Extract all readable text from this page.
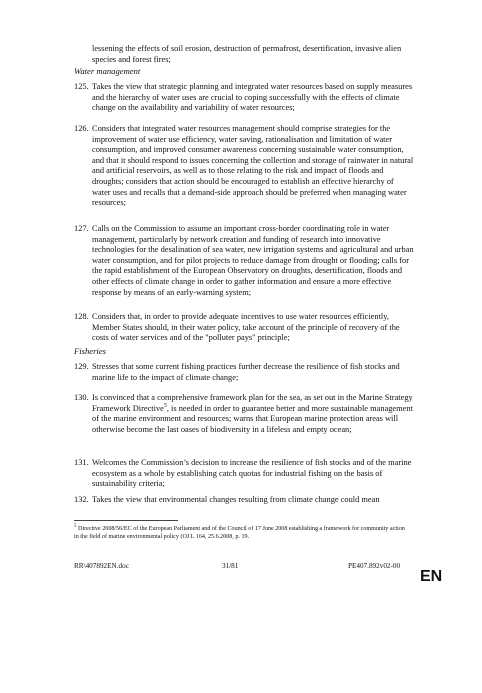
lessening the effects of soil erosion, destruction of permafrost, desertification, invasive alien species and forest fires;
Water management
125. Takes the view that strategic planning and integrated water resources based on supply measures and the hierarchy of water uses are crucial to coping successfully with the effects of climate change on the availability and variability of water resources;
126. Considers that integrated water resources management should comprise strategies for the improvement of water use efficiency, water saving, rationalisation and limitation of water consumption, and improved consumer awareness concerning sustainable water consumption, and that it should respond to issues concerning the collection and storage of rainwater in natural and artificial reservoirs, as well as to those relating to the risk and impact of floods and droughts; considers that action should be encouraged to establish an effective hierarchy of water uses and recalls that a demand-side approach should be preferred when managing water resources;
127. Calls on the Commission to assume an important cross-border coordinating role in water management, particularly by network creation and funding of research into innovative technologies for the desalination of sea water, new irrigation systems and agricultural and urban water consumption, and for pilot projects to reduce damage from drought or flooding; calls for the rapid establishment of the European Observatory on droughts, desertification, floods and other effects of climate change in order to gather information and ensure a more effective response by means of an early-warning system;
128. Considers that, in order to provide adequate incentives to use water resources efficiently, Member States should, in their water policy, take account of the principle of recovery of the costs of water services and of the "polluter pays" principle;
Fisheries
129. Stresses that some current fishing practices further decrease the resilience of fish stocks and marine life to the impact of climate change;
130. Is convinced that a comprehensive framework plan for the sea, as set out in the Marine Strategy Framework Directive$^5$, is needed in order to guarantee better and more sustainable management of the marine environment and resources; warns that European marine protection areas will otherwise become the last oases of biodiversity in a lifeless and empty ocean;
131. Welcomes the Commission’s decision to increase the resilience of fish stocks and of the marine ecosystem as a whole by establishing catch quotas for industrial fishing on the basis of sustainability criteria;
132. Takes the view that environmental changes resulting from climate change could mean
$^5$ Directive 2008/56/EC of the European Parliament and of the Council of 17 June 2008 establishing a framework for community action in the field of marine environmental policy (OJ L 164, 25.6.2008, p. 19.
RR\407892EN.doc	31/81	PE407.892v02-00
EN
